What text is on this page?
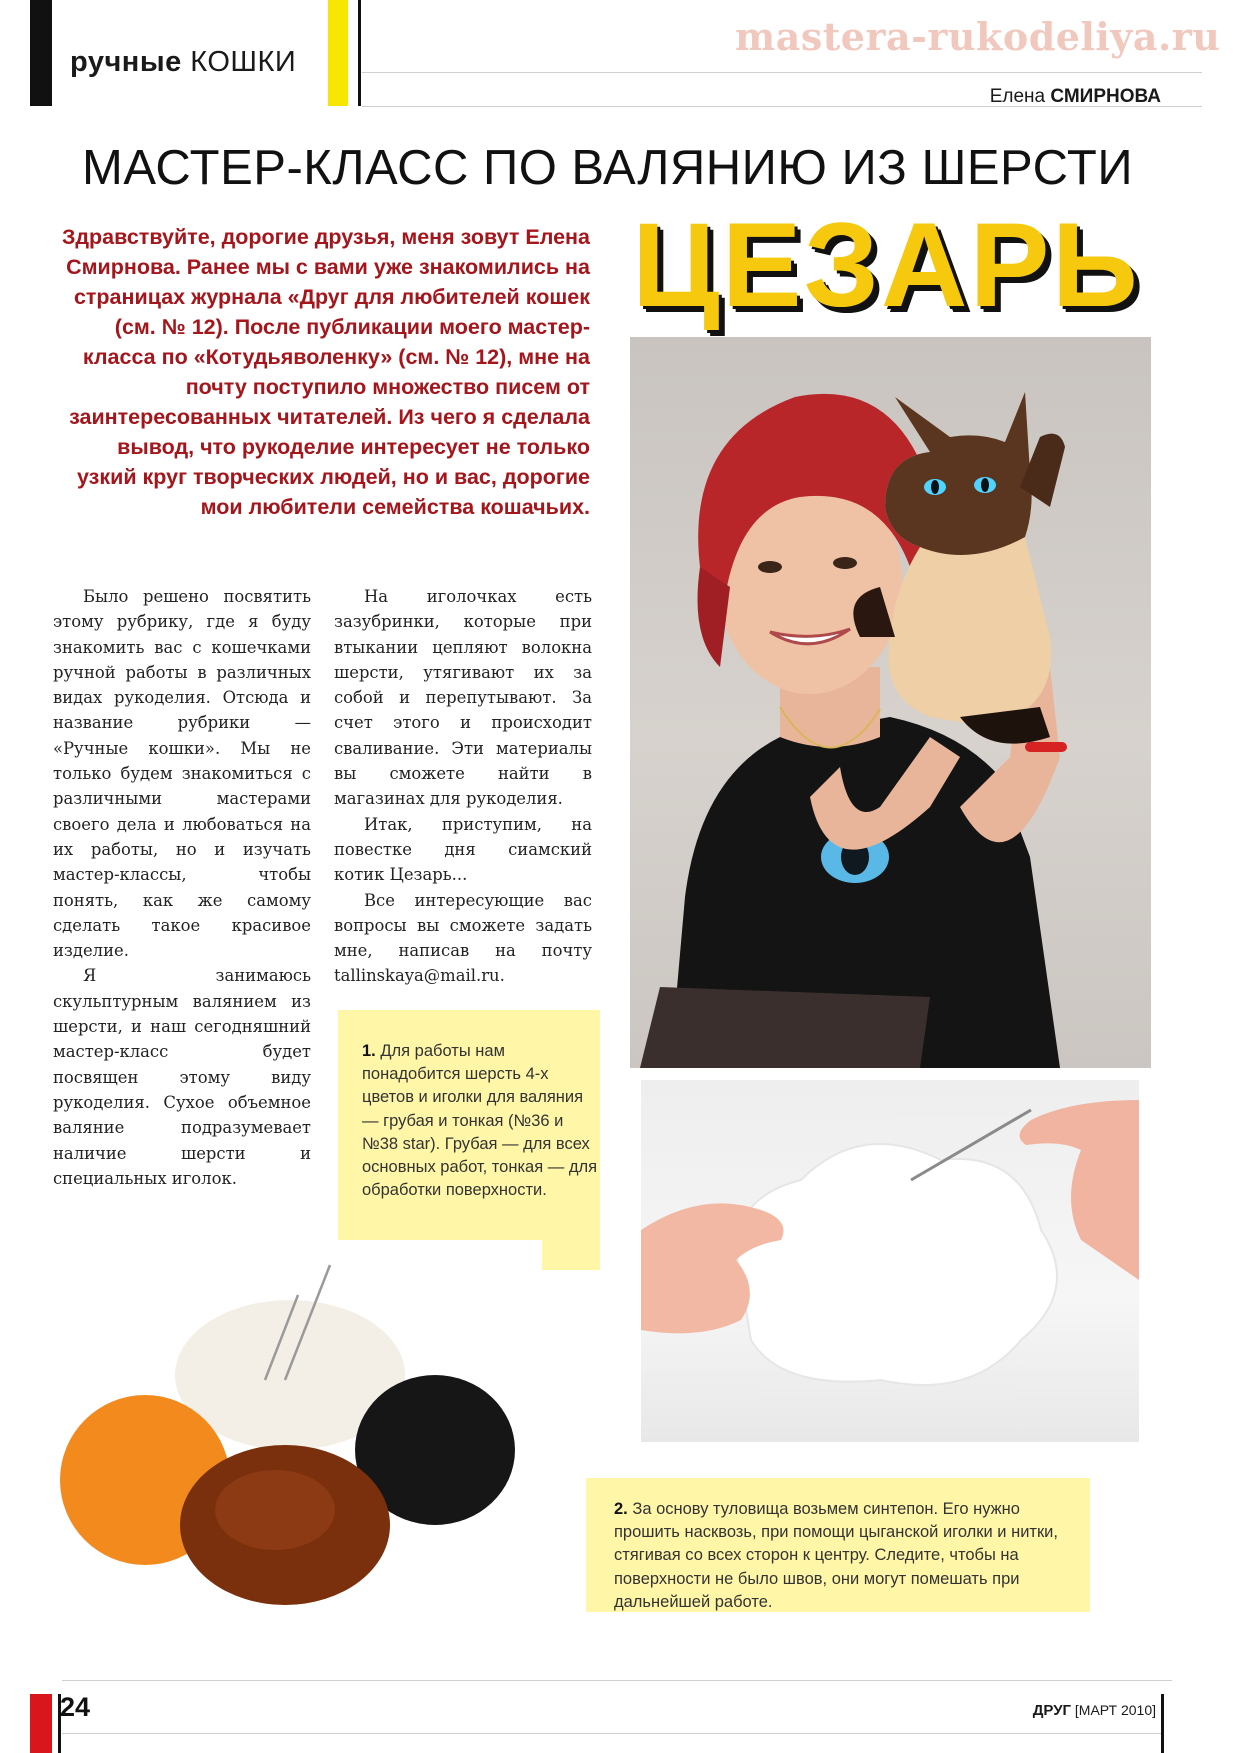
ручные КОШКИ
mastera-rukodeliya.ru
Елена СМИРНОВА
МАСТЕР-КЛАСС ПО ВАЛЯНИЮ ИЗ ШЕРСТИ
ЦЕЗАРЬ
Здравствуйте, дорогие друзья, меня зовут Елена Смирнова. Ранее мы с вами уже знакомились на страницах журнала «Друг для любителей кошек (см. № 12). После публикации моего мастер-класса по «Котудьяволенку» (см. № 12), мне на почту поступило множество писем от заинтересованных читателей. Из чего я сделала вывод, что рукоделие интересует не только узкий круг творческих людей, но и вас, дорогие мои любители семейства кошачьих.

Было решено посвятить этому рубрику, где я буду знакомить вас с кошечками ручной работы в различных видах рукоделия. Отсюда и название рубрики — «Ручные кошки». Мы не только будем знакомиться с различными мастерами своего дела и любоваться на их работы, но и изучать мастер-классы, чтобы понять, как же самому сделать такое красивое изделие.

Я занимаюсь скульптурным валянием из шерсти, и наш сегодняшний мастер-класс будет посвящен этому виду рукоделия. Сухое объемное валяние подразумевает наличие шерсти и специальных иголок.

На иголочках есть зазубринки, которые при втыкании цепляют волокна шерсти, утягивают их за собой и перепутывают. За счет этого и происходит сваливание. Эти материалы вы сможете найти в магазинах для рукоделия.

Итак, приступим, на повестке дня сиамский котик Цезарь...

Все интересующие вас вопросы вы сможете задать мне, написав на почту tallinskaya@mail.ru.

1. Для работы нам понадобится шерсть 4-х цветов и иголки для валяния — грубая и тонкая (№36 и №38 star). Грубая — для всех основных работ, тонкая — для обработки поверхности.
2. За основу туловища возьмем синтепон. Его нужно прошить насквозь, при помощи цыганской иголки и нитки, стягивая со всех сторон к центру. Следите, чтобы на поверхности не было швов, они могут помешать при дальнейшей работе.
24	ДРУГ [МАРТ 2010]
